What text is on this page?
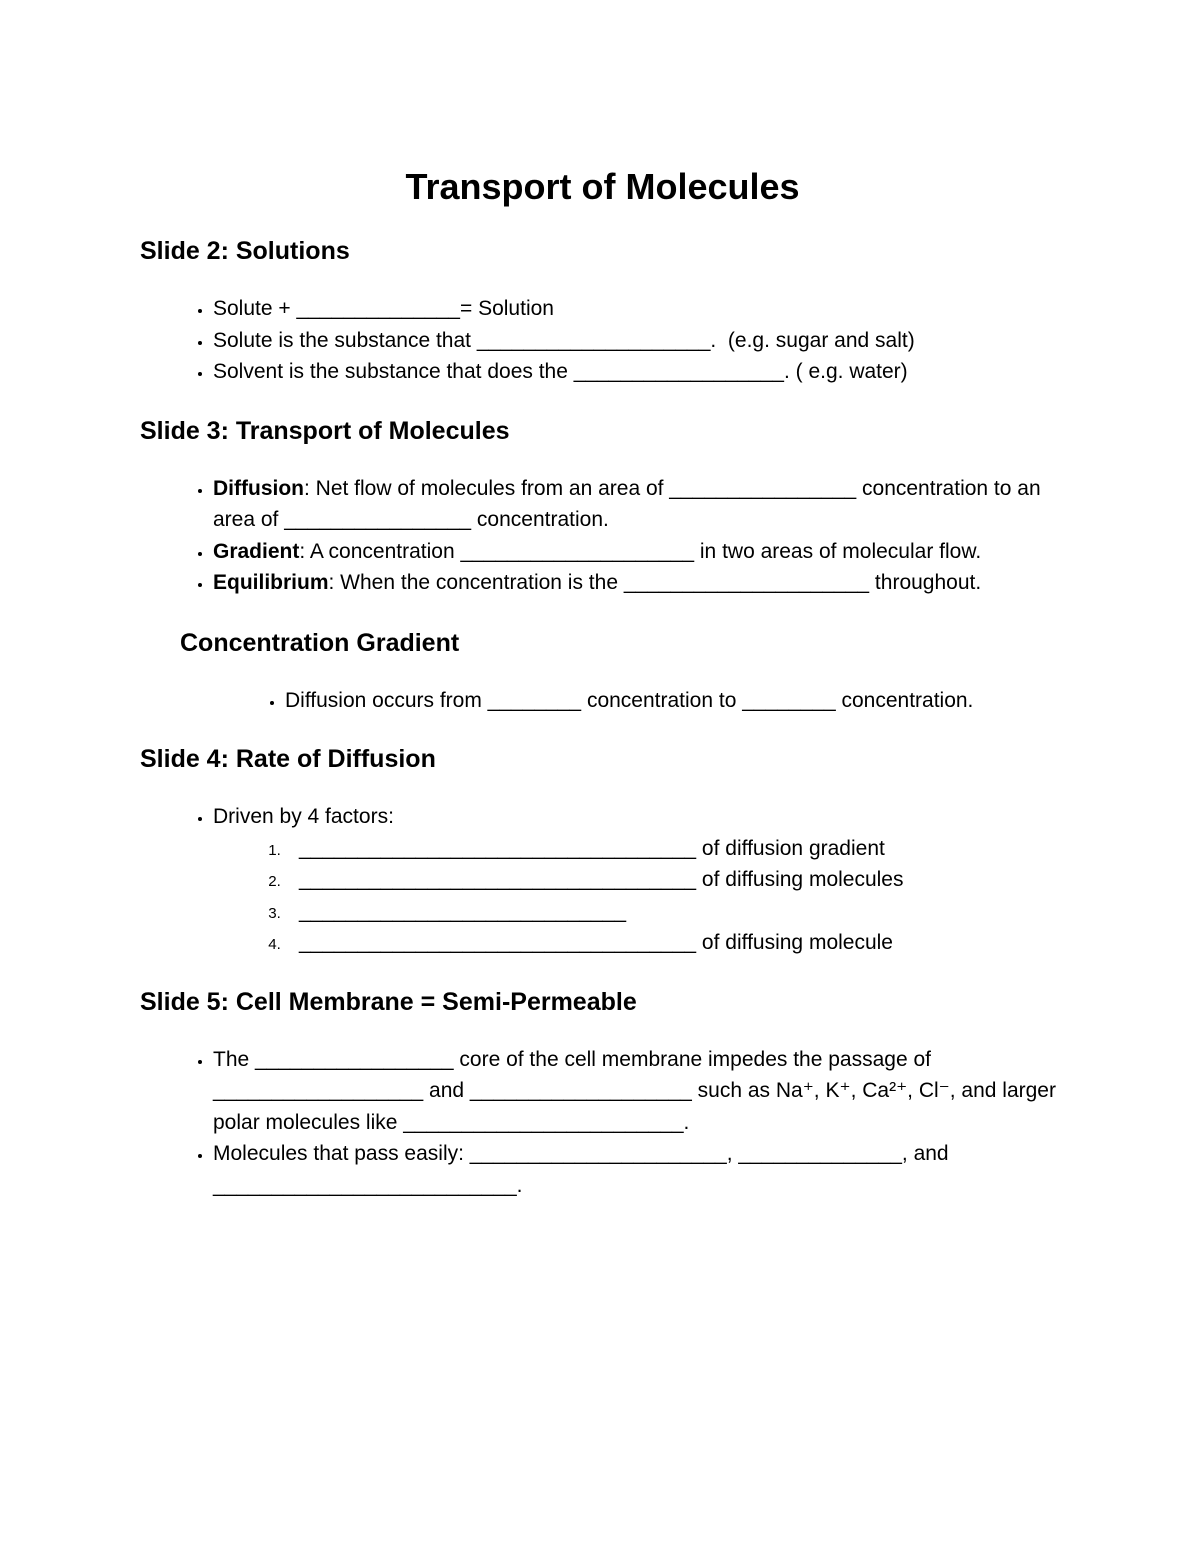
Transport of Molecules
Slide 2: Solutions
• Solute + ______________= Solution
• Solute is the substance that ____________________.  (e.g. sugar and salt)
• Solvent is the substance that does the __________________. ( e.g. water)
Slide 3: Transport of Molecules
• Diffusion: Net flow of molecules from an area of ________________ concentration to an area of ________________ concentration.
• Gradient: A concentration ____________________ in two areas of molecular flow.
• Equilibrium: When the concentration is the _____________________ throughout.
Concentration Gradient
• Diffusion occurs from ________ concentration to ________ concentration.
Slide 4: Rate of Diffusion
• Driven by 4 factors:
1. __________________________________ of diffusion gradient
2. __________________________________ of diffusing molecules
3. ____________________________
4. __________________________________ of diffusing molecule
Slide 5: Cell Membrane = Semi-Permeable
• The _________________ core of the cell membrane impedes the passage of __________________ and ___________________ such as Na⁺, K⁺, Ca²⁺, Cl⁻, and larger polar molecules like ________________________.
• Molecules that pass easily: ______________________, ______________, and __________________________.
